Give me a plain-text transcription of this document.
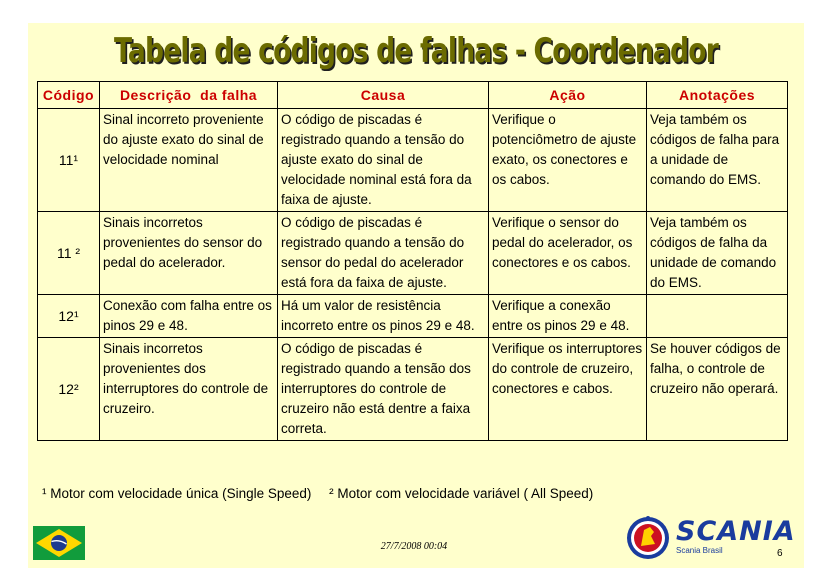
Tabela de códigos de falhas - Coordenador
Código	Descrição  da falha	Causa	Ação	Anotações
11¹	Sinal incorreto proveniente do ajuste exato do sinal de velocidade nominal	O código de piscadas é registrado quando a tensão do ajuste exato do sinal de velocidade nominal está fora da faixa de ajuste.	Verifique o potenciômetro de ajuste exato, os conectores e os cabos.	Veja também os códigos de falha para a unidade de comando do EMS.
11 ²	Sinais incorretos provenientes do sensor do pedal do acelerador.	O código de piscadas é registrado quando a tensão do sensor do pedal do acelerador está fora da faixa de ajuste.	Verifique o sensor do pedal do acelerador, os conectores e os cabos.	Veja também os códigos de falha da unidade de comando do EMS.
12¹	Conexão com falha entre os pinos 29 e 48.	Há um valor de resistência incorreto entre os pinos 29 e 48.	Verifique a conexão entre os pinos 29 e 48.	
12²	Sinais incorretos provenientes dos interruptores do controle de cruzeiro.	O código de piscadas é registrado quando a tensão dos interruptores do controle de cruzeiro não está dentre a faixa correta.	Verifique os interruptores do controle de cruzeiro, conectores e cabos.	Se houver códigos de falha, o controle de cruzeiro não operará.
¹ Motor com velocidade única (Single Speed) ² Motor com velocidade variável ( All Speed)
27/7/2008 00:04	SCANIA
Scania Brasil	6
